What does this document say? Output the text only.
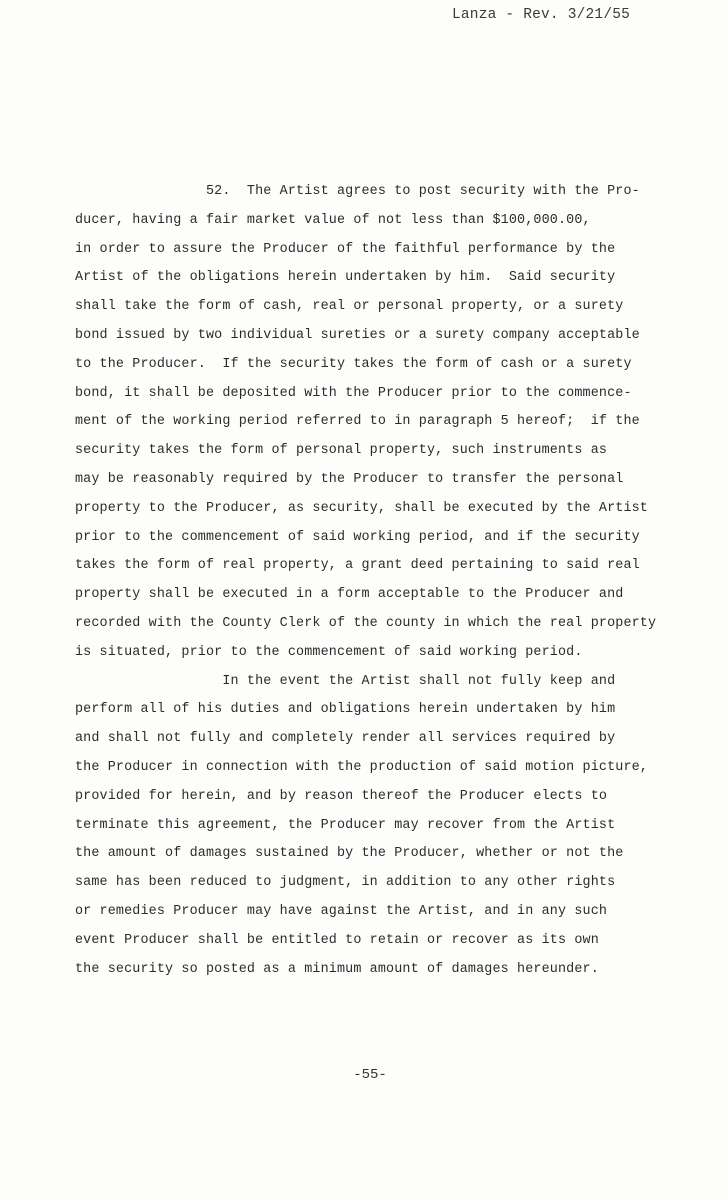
Lanza - Rev. 3/21/55
52.  The Artist agrees to post security with the Pro-
ducer, having a fair market value of not less than $100,000.00,
in order to assure the Producer of the faithful performance by the
Artist of the obligations herein undertaken by him.  Said security
shall take the form of cash, real or personal property, or a surety
bond issued by two individual sureties or a surety company acceptable
to the Producer.  If the security takes the form of cash or a surety
bond, it shall be deposited with the Producer prior to the commence-
ment of the working period referred to in paragraph 5 hereof;  if the
security takes the form of personal property, such instruments as
may be reasonably required by the Producer to transfer the personal
property to the Producer, as security, shall be executed by the Artist
prior to the commencement of said working period, and if the security
takes the form of real property, a grant deed pertaining to said real
property shall be executed in a form acceptable to the Producer and
recorded with the County Clerk of the county in which the real property
is situated, prior to the commencement of said working period.
In the event the Artist shall not fully keep and
perform all of his duties and obligations herein undertaken by him
and shall not fully and completely render all services required by
the Producer in connection with the production of said motion picture,
provided for herein, and by reason thereof the Producer elects to
terminate this agreement, the Producer may recover from the Artist
the amount of damages sustained by the Producer, whether or not the
same has been reduced to judgment, in addition to any other rights
or remedies Producer may have against the Artist, and in any such
event Producer shall be entitled to retain or recover as its own
the security so posted as a minimum amount of damages hereunder.
-55-
